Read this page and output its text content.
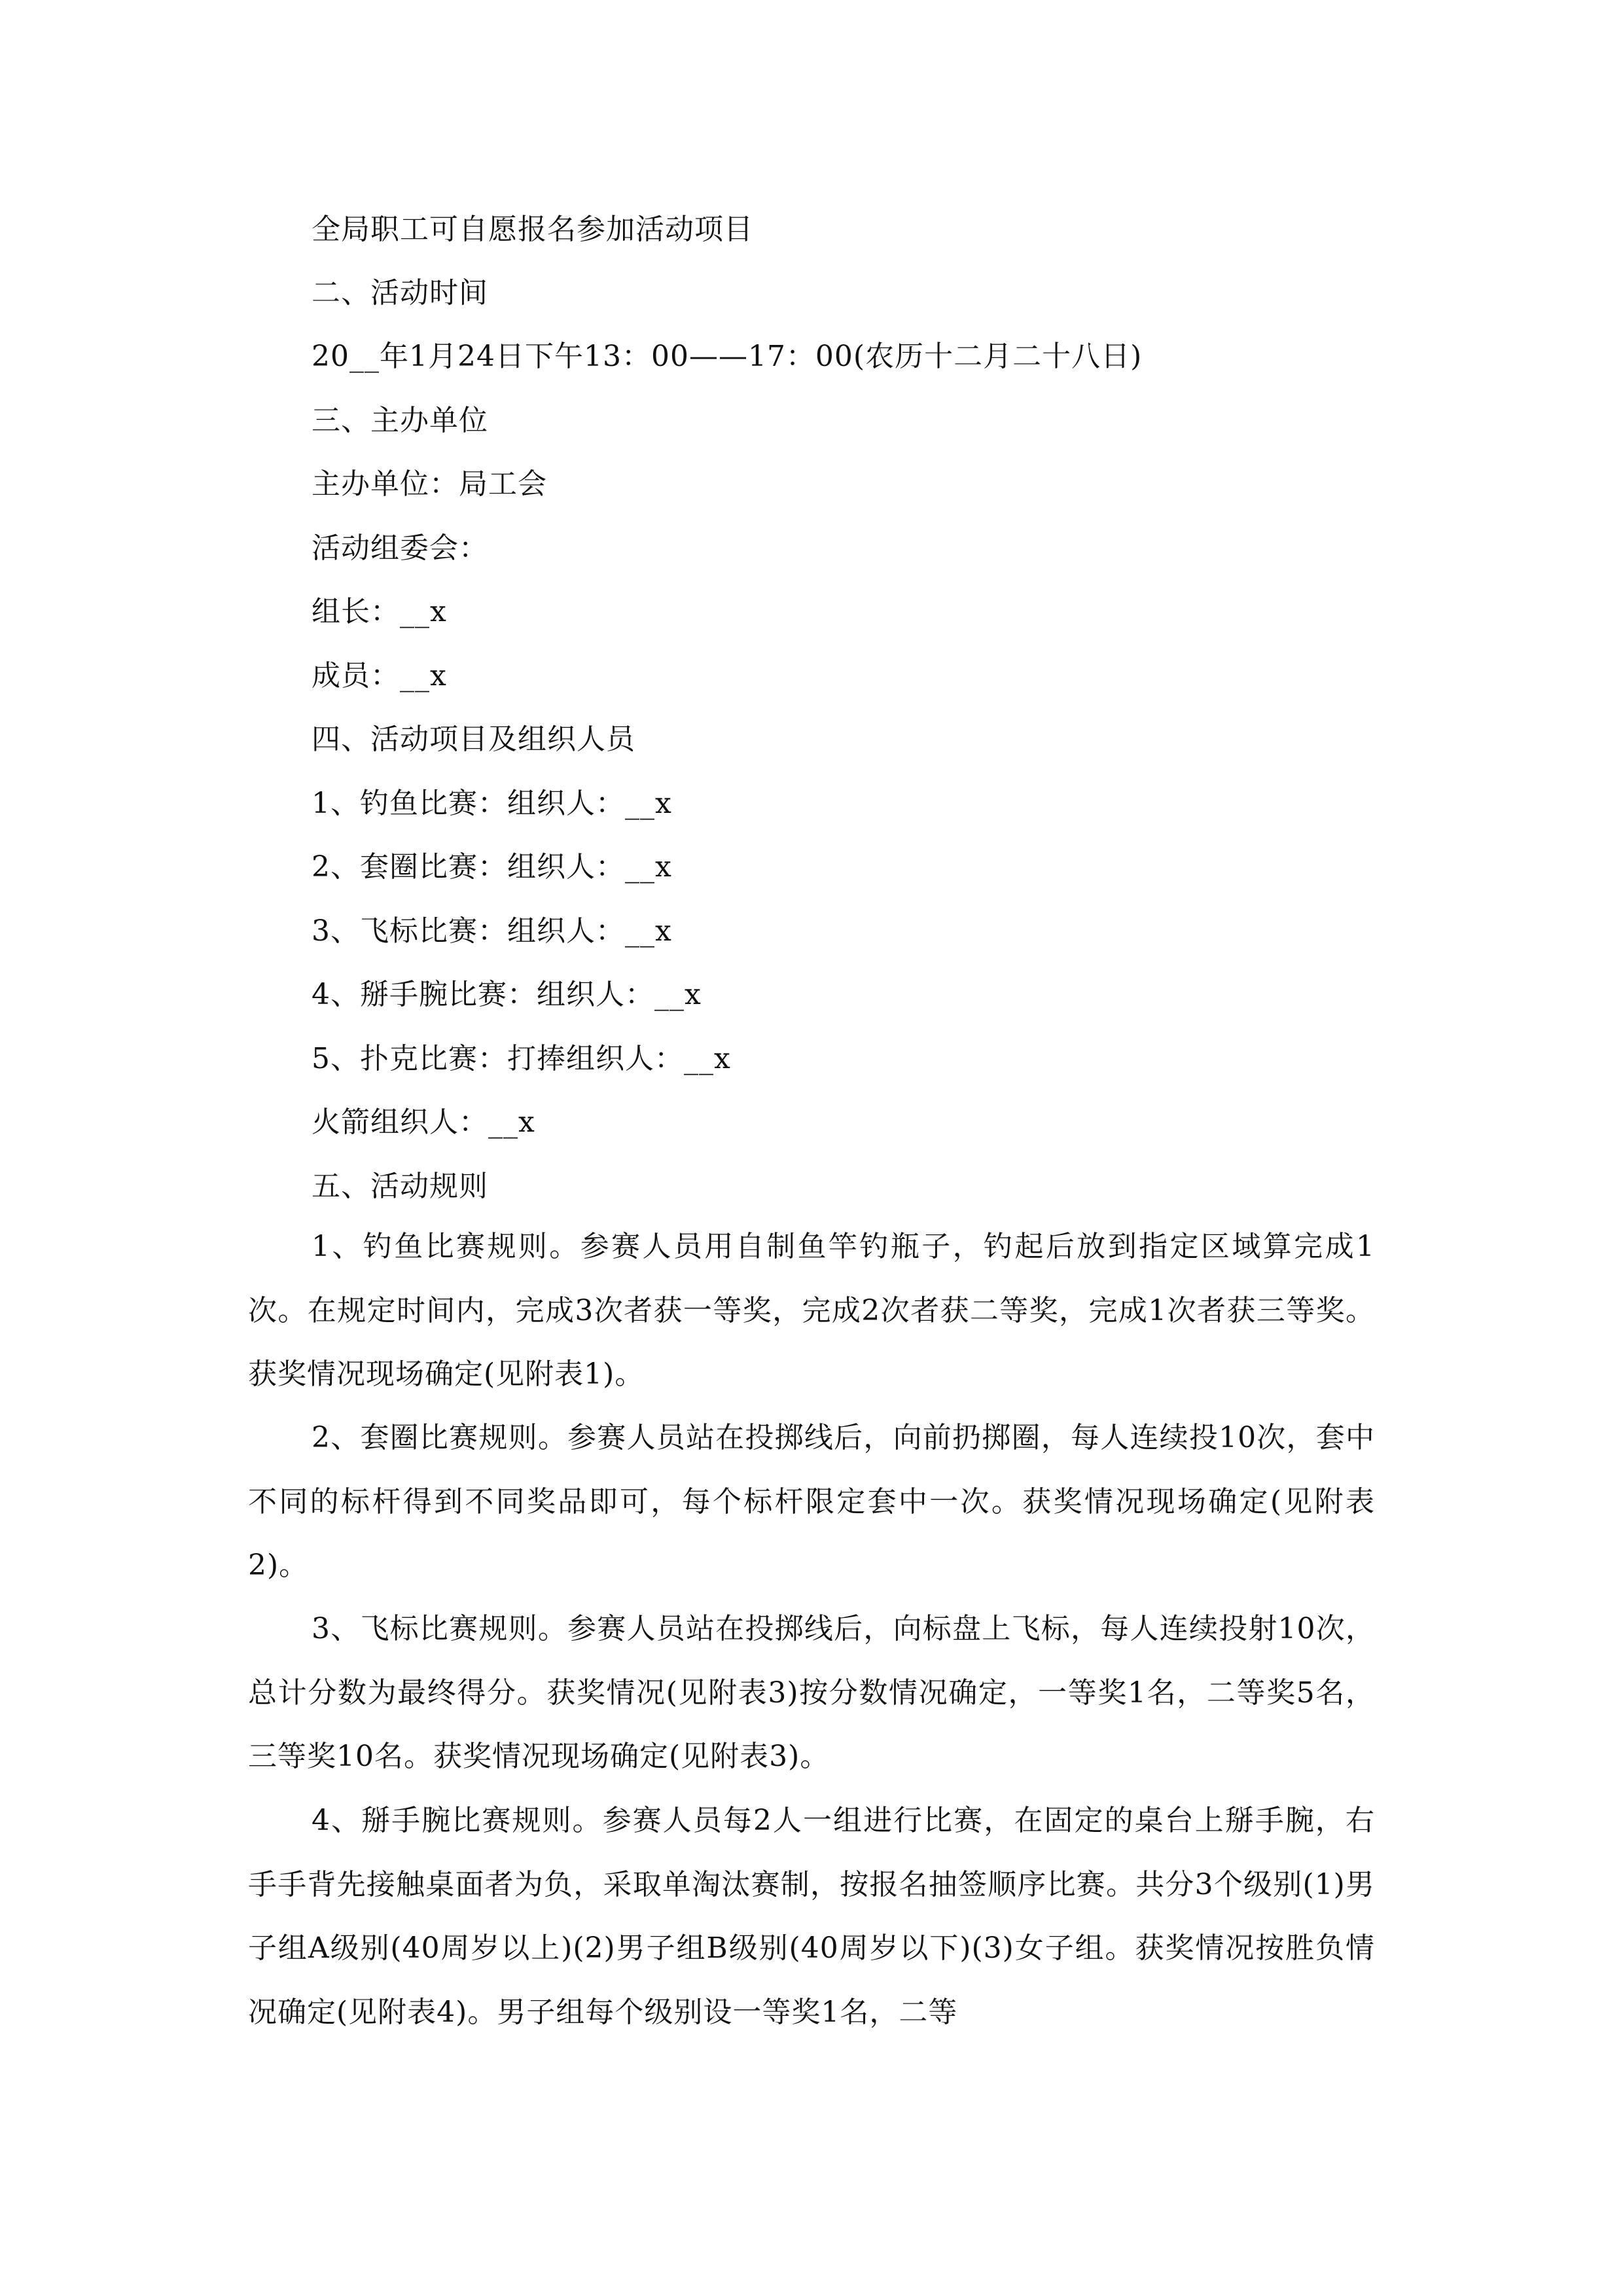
全局职工可自愿报名参加活动项目
二、活动时间
20__年1月24日下午13：00——17：00(农历十二月二十八日)
三、主办单位
主办单位：局工会
活动组委会：
组长：__x
成员：__x
四、活动项目及组织人员
1、钓鱼比赛：组织人：__x
2、套圈比赛：组织人：__x
3、飞标比赛：组织人：__x
4、掰手腕比赛：组织人：__x
5、扑克比赛：打捧组织人：__x
火箭组织人：__x
五、活动规则
1、钓鱼比赛规则。参赛人员用自制鱼竿钓瓶子，钓起后放到指定区域算完成1次。在规定时间内，完成3次者获一等奖，完成2次者获二等奖，完成1次者获三等奖。获奖情况现场确定(见附表1)。
2、套圈比赛规则。参赛人员站在投掷线后，向前扔掷圈，每人连续投10次，套中不同的标杆得到不同奖品即可，每个标杆限定套中一次。获奖情况现场确定(见附表2)。
3、飞标比赛规则。参赛人员站在投掷线后，向标盘上飞标，每人连续投射10次，总计分数为最终得分。获奖情况(见附表3)按分数情况确定，一等奖1名，二等奖5名，三等奖10名。获奖情况现场确定(见附表3)。
4、掰手腕比赛规则。参赛人员每2人一组进行比赛，在固定的桌台上掰手腕，右手手背先接触桌面者为负，采取单淘汰赛制，按报名抽签顺序比赛。共分3个级别(1)男子组A级别(40周岁以上)(2)男子组B级别(40周岁以下)(3)女子组。获奖情况按胜负情况确定(见附表4)。男子组每个级别设一等奖1名，二等
